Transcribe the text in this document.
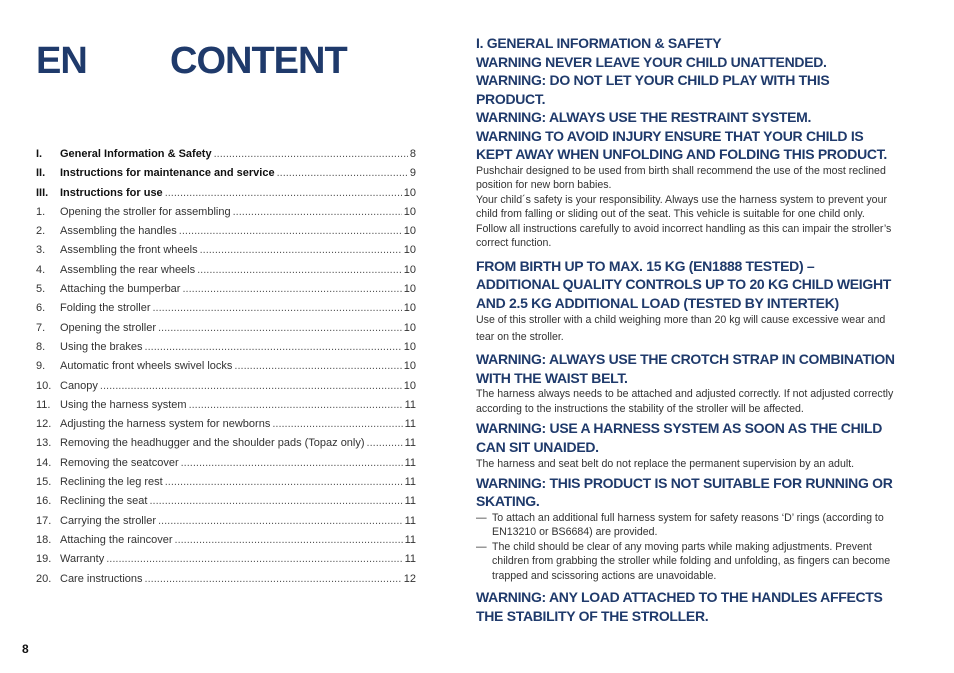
EN CONTENT
I.	General Information & Safety .....	8
II.	Instructions for maintenance and service .....	9
III.	Instructions for use .....	10
1.	Opening the stroller for assembling .....	10
2.	Assembling the handles .....	10
3.	Assembling the front wheels .....	10
4.	Assembling the rear wheels .....	10
5.	Attaching the bumperbar .....	10
6.	Folding the stroller .....	10
7.	Opening the stroller .....	10
8.	Using the brakes .....	10
9.	Automatic front wheels swivel locks .....	10
10. Canopy .....	10
11. Using the harness system .....	11
12. Adjusting the harness system for newborns .....	11
13. Removing the headhugger and the shoulder pads (Topaz only) .....	11
14. Removing the seatcover .....	11
15. Reclining the leg rest .....	11
16. Reclining the seat .....	11
17. Carrying the stroller .....	11
18. Attaching the raincover .....	11
19. Warranty .....	11
20. Care instructions .....	12
8

I. GENERAL INFORMATION & SAFETY

WARNING NEVER LEAVE YOUR CHILD UNATTENDED.

WARNING: DO NOT LET YOUR CHILD PLAY WITH THIS PRODUCT.

WARNING: ALWAYS USE THE RESTRAINT SYSTEM.

WARNING TO AVOID INJURY ENSURE THAT YOUR CHILD IS KEPT AWAY WHEN UNFOLDING AND FOLDING THIS PRODUCT.

Pushchair designed to be used from birth shall recommend the use of the most reclined position for new born babies.

Your child´s safety is your responsibility. Always use the harness system to prevent your child from falling or sliding out of the seat. This vehicle is suitable for one child only.

Follow all instructions carefully to avoid incorrect handling as this can impair the stroller’s correct function.

FROM BIRTH UP TO MAX. 15 KG (EN1888 TESTED) – ADDITIONAL QUALITY CONTROLS UP TO 20 KG CHILD WEIGHT AND 2.5 KG ADDITIONAL LOAD (TESTED BY INTERTEK)

Use of this stroller with a child weighing more than 20 kg will cause excessive wear and tear on the stroller.

WARNING: ALWAYS USE THE CROTCH STRAP IN COMBINATION WITH THE WAIST BELT.

The harness always needs to be attached and adjusted correctly. If not adjusted correctly according to the instructions the stability of the stroller will be affected.

WARNING: USE A HARNESS SYSTEM AS SOON AS THE CHILD CAN SIT UNAIDED.

The harness and seat belt do not replace the permanent supervision by an adult.

WARNING: THIS PRODUCT IS NOT SUITABLE FOR RUNNING OR SKATING.

— To attach an additional full harness system for safety reasons ‘D’ rings (according to EN13210 or BS6684) are provided.
— The child should be clear of any moving parts while making adjustments. Prevent children from grabbing the stroller while folding and unfolding, as fingers can become trapped and scissoring actions are unavoidable.

WARNING: ANY LOAD ATTACHED TO THE HANDLES AFFECTS THE STABILITY OF THE STROLLER.
